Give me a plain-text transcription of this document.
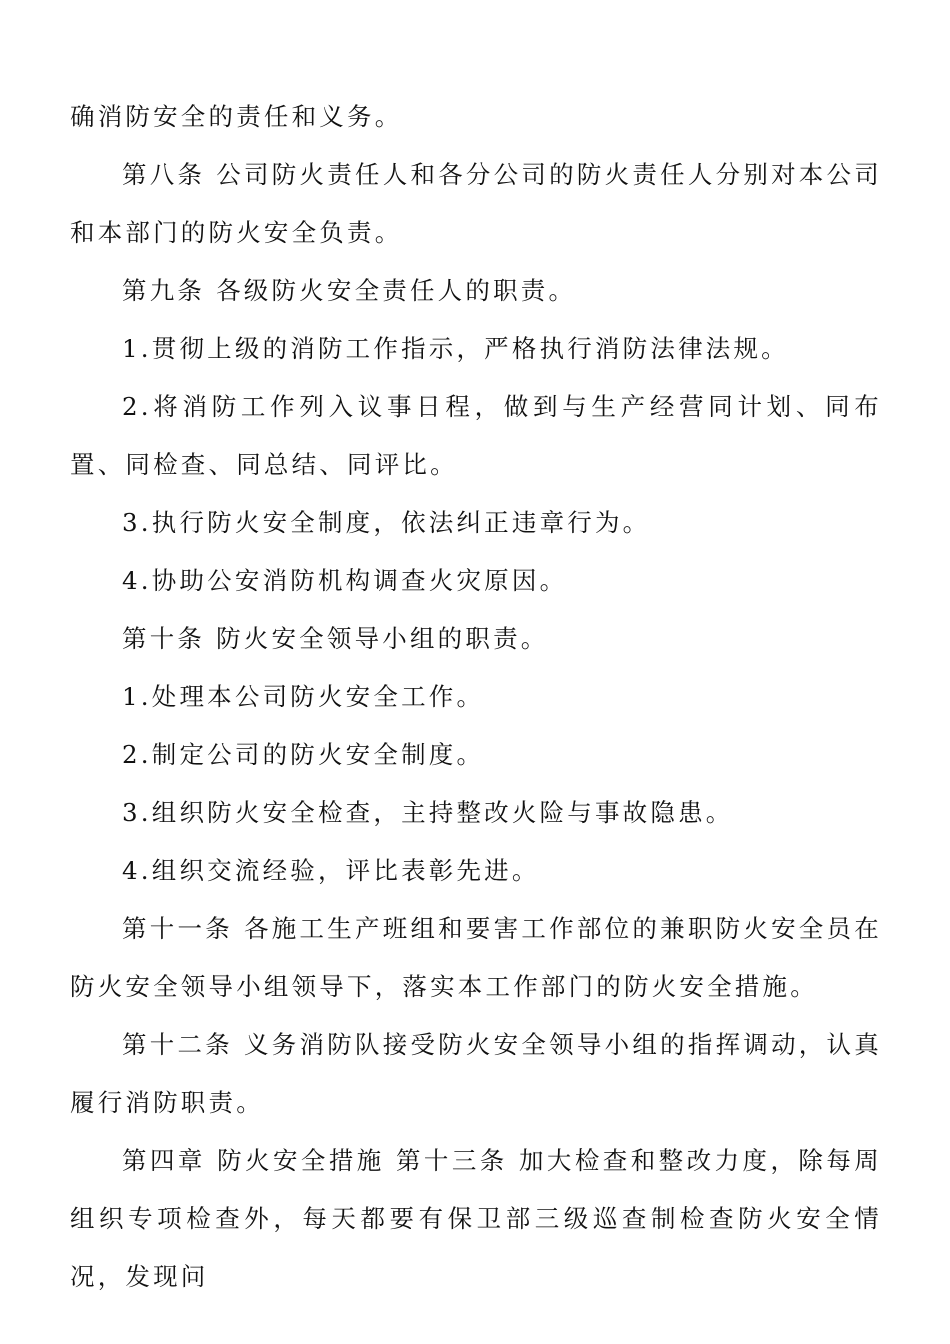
确消防安全的责任和义务。

第八条 公司防火责任人和各分公司的防火责任人分别对本公司和本部门的防火安全负责。

第九条 各级防火安全责任人的职责。

1.贯彻上级的消防工作指示，严格执行消防法律法规。

2.将消防工作列入议事日程，做到与生产经营同计划、同布置、同检查、同总结、同评比。

3.执行防火安全制度，依法纠正违章行为。

4.协助公安消防机构调查火灾原因。

第十条 防火安全领导小组的职责。

1.处理本公司防火安全工作。

2.制定公司的防火安全制度。

3.组织防火安全检查，主持整改火险与事故隐患。

4.组织交流经验，评比表彰先进。

第十一条 各施工生产班组和要害工作部位的兼职防火安全员在防火安全领导小组领导下，落实本工作部门的防火安全措施。

第十二条 义务消防队接受防火安全领导小组的指挥调动，认真履行消防职责。

第四章 防火安全措施 第十三条 加大检查和整改力度，除每周组织专项检查外，每天都要有保卫部三级巡查制检查防火安全情况，发现问
